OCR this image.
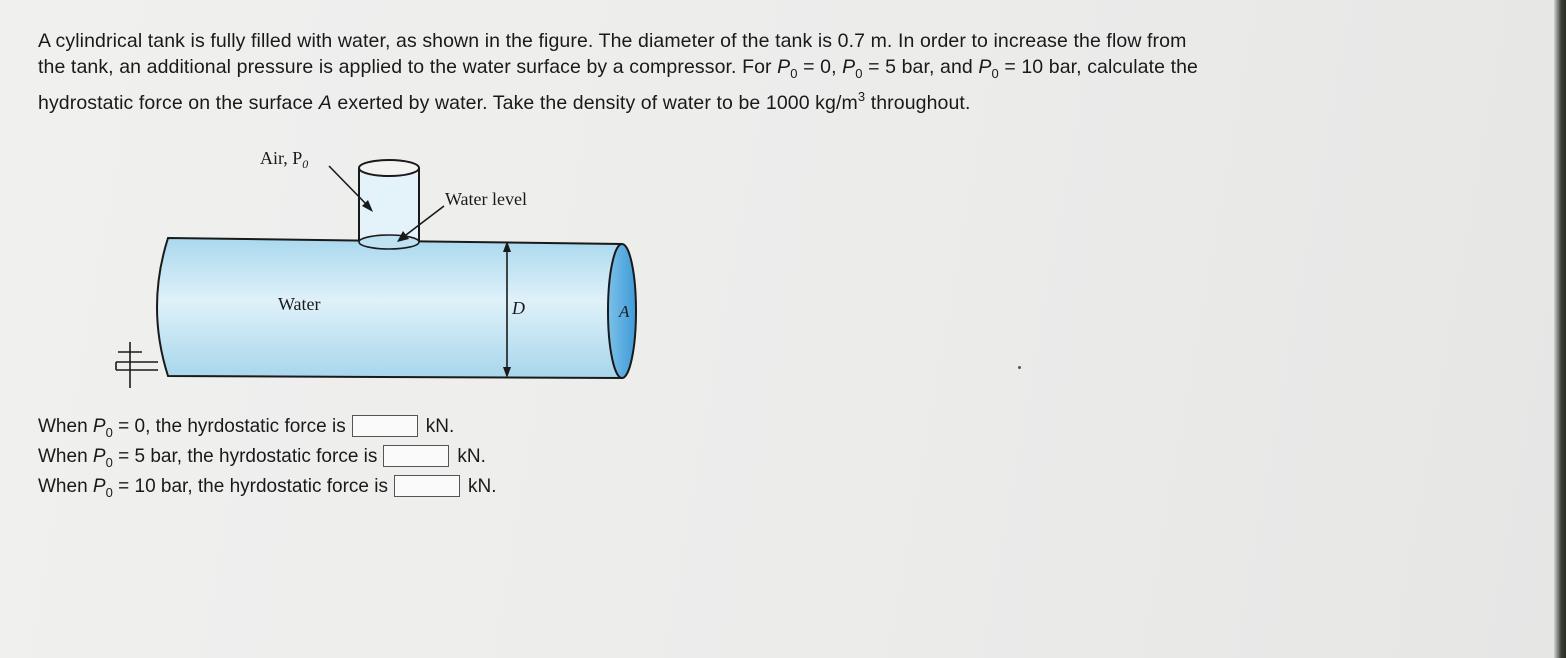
A cylindrical tank is fully filled with water, as shown in the figure. The diameter of the tank is 0.7 m. In order to increase the flow from

the tank, an additional pressure is applied to the water surface by a compressor. For $P_0 = 0$, $P_0 = 5$ bar, and $P_0 = 10$ bar, calculate the

hydrostatic force on the surface A exerted by water. Take the density of water to be 1000 $kg/m^3$ throughout.

Air, $P_0$
Water level
Water	D	A
When $P_0 = 0$, the hyrdostatic force is	kN.
When $P_0 = 5$ bar, the hyrdostatic force is	kN.
When $P_0 = 10$ bar, the hyrdostatic force is	kN.
